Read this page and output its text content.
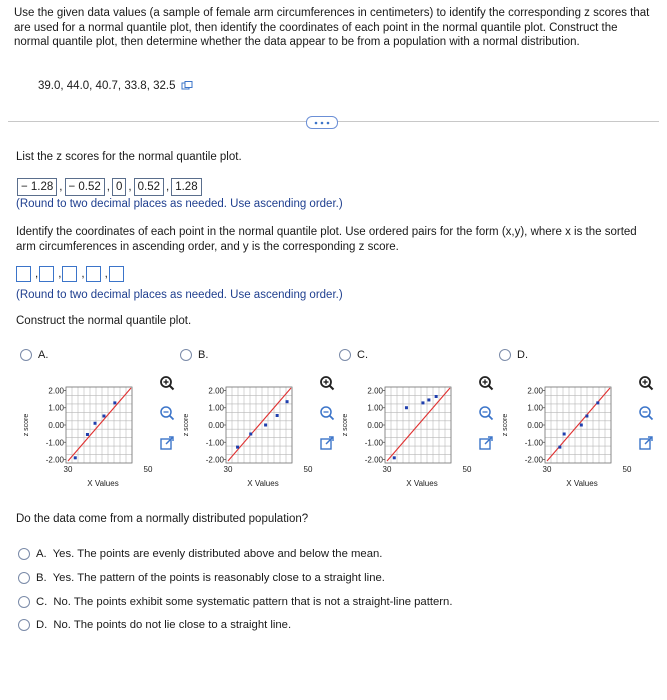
Use the given data values (a sample of female arm circumferences in centimeters) to identify the corresponding z scores that are used for a normal quantile plot, then identify the coordinates of each point in the normal quantile plot. Construct the normal quantile plot, then determine whether the data appear to be from a population with a normal distribution.
39.0, 44.0, 40.7, 33.8, 32.5
List the z scores for the normal quantile plot.
− 1.28 , − 0.52 , 0 , 0.52 , 1.28
(Round to two decimal places as needed. Use ascending order.)
Identify the coordinates of each point in the normal quantile plot. Use ordered pairs for the form (x,y), where x is the sorted arm circumferences in ascending order, and y is the corresponding z score.
, , , ,
(Round to two decimal places as needed. Use ascending order.)
Construct the normal quantile plot.
A.
2.00
1.00
0.00
-1.00
-2.00
30	50
z score
X Values
B.
2.00
1.00
0.00
-1.00
-2.00
30	50
z score
X Values
C.
2.00
1.00
0.00
-1.00
-2.00
30	50
z score
X Values
D.
2.00
1.00
0.00
-1.00
-2.00
30	50
z score
X Values
Do the data come from a normally distributed population?
A. Yes. The points are evenly distributed above and below the mean.
B. Yes. The pattern of the points is reasonably close to a straight line.
C. No. The points exhibit some systematic pattern that is not a straight-line pattern.
D. No. The points do not lie close to a straight line.
